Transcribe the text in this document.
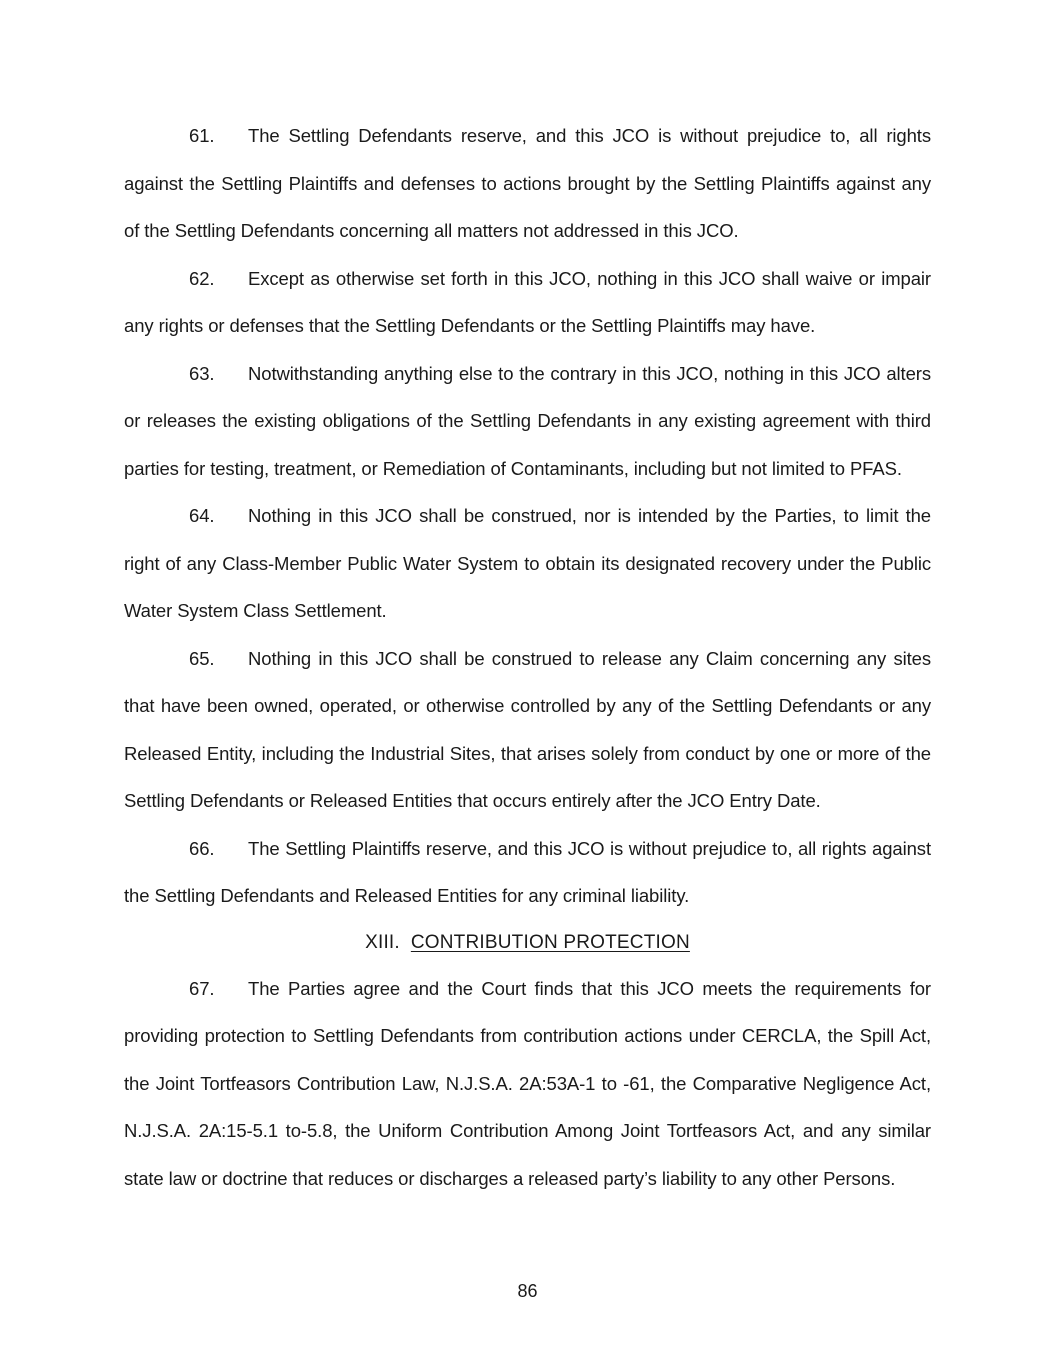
61. The Settling Defendants reserve, and this JCO is without prejudice to, all rights against the Settling Plaintiffs and defenses to actions brought by the Settling Plaintiffs against any of the Settling Defendants concerning all matters not addressed in this JCO.

62. Except as otherwise set forth in this JCO, nothing in this JCO shall waive or impair any rights or defenses that the Settling Defendants or the Settling Plaintiffs may have.

63. Notwithstanding anything else to the contrary in this JCO, nothing in this JCO alters or releases the existing obligations of the Settling Defendants in any existing agreement with third parties for testing, treatment, or Remediation of Contaminants, including but not limited to PFAS.

64. Nothing in this JCO shall be construed, nor is intended by the Parties, to limit the right of any Class-Member Public Water System to obtain its designated recovery under the Public Water System Class Settlement.

65. Nothing in this JCO shall be construed to release any Claim concerning any sites that have been owned, operated, or otherwise controlled by any of the Settling Defendants or any Released Entity, including the Industrial Sites, that arises solely from conduct by one or more of the Settling Defendants or Released Entities that occurs entirely after the JCO Entry Date.

66. The Settling Plaintiffs reserve, and this JCO is without prejudice to, all rights against the Settling Defendants and Released Entities for any criminal liability.

XIII. CONTRIBUTION PROTECTION

67. The Parties agree and the Court finds that this JCO meets the requirements for providing protection to Settling Defendants from contribution actions under CERCLA, the Spill Act, the Joint Tortfeasors Contribution Law, N.J.S.A. 2A:53A-1 to -61, the Comparative Negligence Act, N.J.S.A. 2A:15-5.1 to-5.8, the Uniform Contribution Among Joint Tortfeasors Act, and any similar state law or doctrine that reduces or discharges a released party’s liability to any other Persons.

86
